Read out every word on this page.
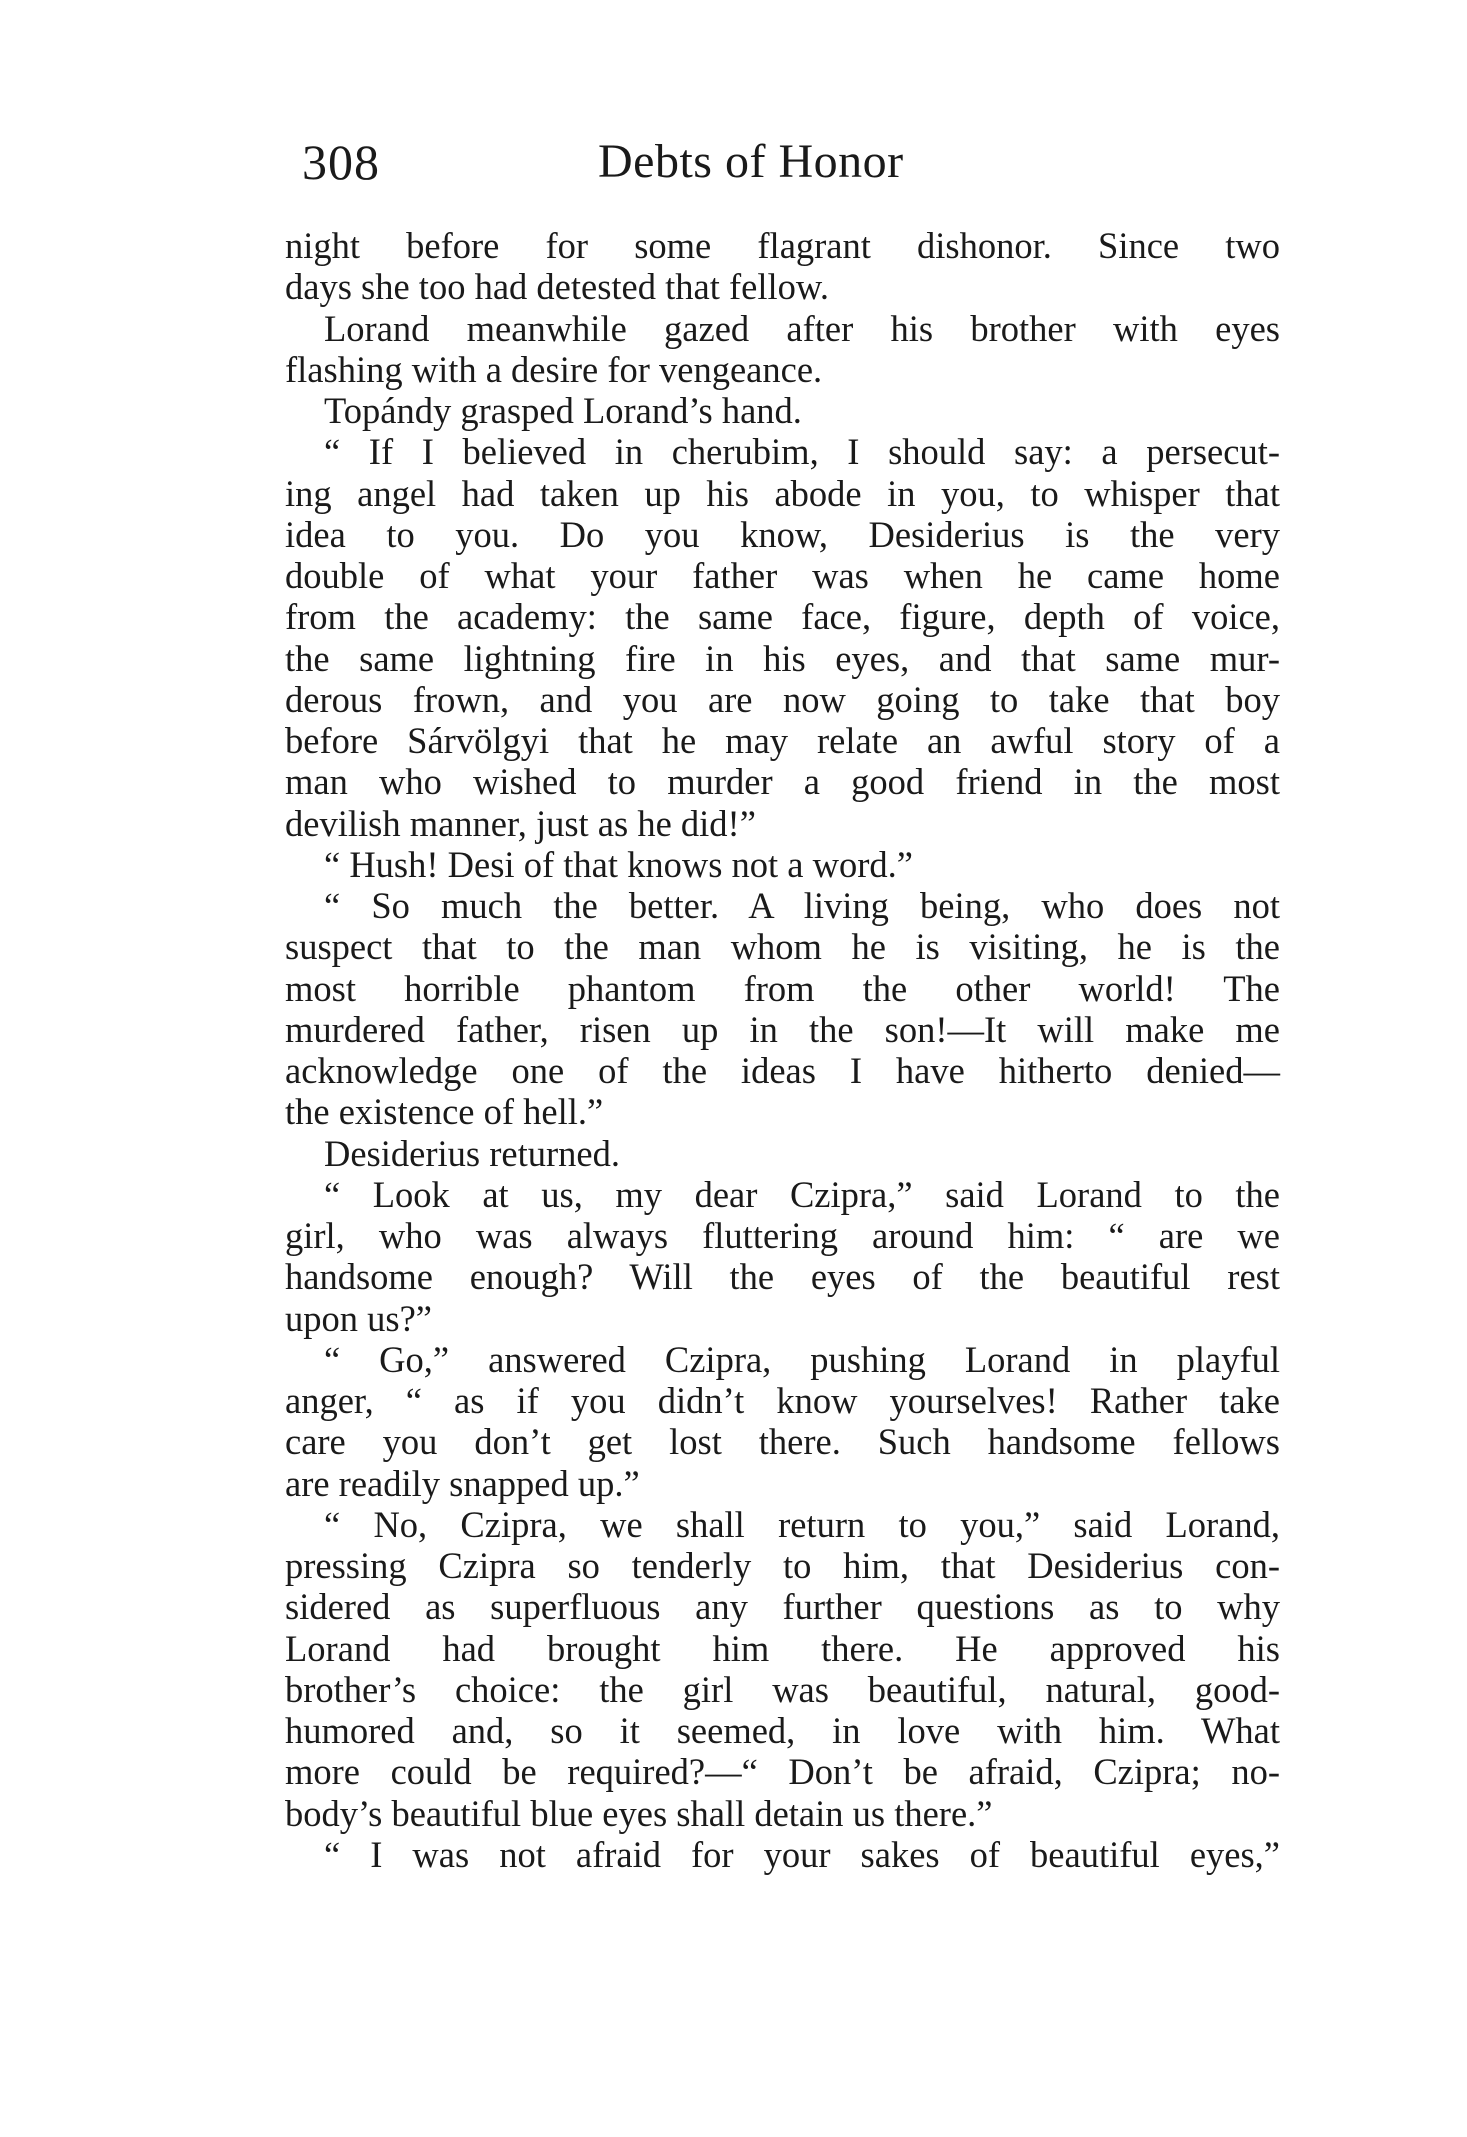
308	Debts of Honor
night before for some flagrant dishonor. Since two
days she too had detested that fellow.
Lorand meanwhile gazed after his brother with eyes
flashing with a desire for vengeance.
Topándy grasped Lorand’s hand.
“ If I believed in cherubim, I should say: a persecut-
ing angel had taken up his abode in you, to whisper that
idea to you. Do you know, Desiderius is the very
double of what your father was when he came home
from the academy: the same face, figure, depth of voice,
the same lightning fire in his eyes, and that same mur-
derous frown, and you are now going to take that boy
before Sárvölgyi that he may relate an awful story of a
man who wished to murder a good friend in the most
devilish manner, just as he did!”
“ Hush! Desi of that knows not a word.”
“ So much the better. A living being, who does not
suspect that to the man whom he is visiting, he is the
most horrible phantom from the other world! The
murdered father, risen up in the son!—It will make me
acknowledge one of the ideas I have hitherto denied—
the existence of hell.”
Desiderius returned.
“ Look at us, my dear Czipra,” said Lorand to the
girl, who was always fluttering around him: “ are we
handsome enough? Will the eyes of the beautiful rest
upon us?”
“ Go,” answered Czipra, pushing Lorand in playful
anger, “ as if you didn’t know yourselves! Rather take
care you don’t get lost there. Such handsome fellows
are readily snapped up.”
“ No, Czipra, we shall return to you,” said Lorand,
pressing Czipra so tenderly to him, that Desiderius con-
sidered as superfluous any further questions as to why
Lorand had brought him there. He approved his
brother’s choice: the girl was beautiful, natural, good-
humored and, so it seemed, in love with him. What
more could be required?—“ Don’t be afraid, Czipra; no-
body’s beautiful blue eyes shall detain us there.”
“ I was not afraid for your sakes of beautiful eyes,”
